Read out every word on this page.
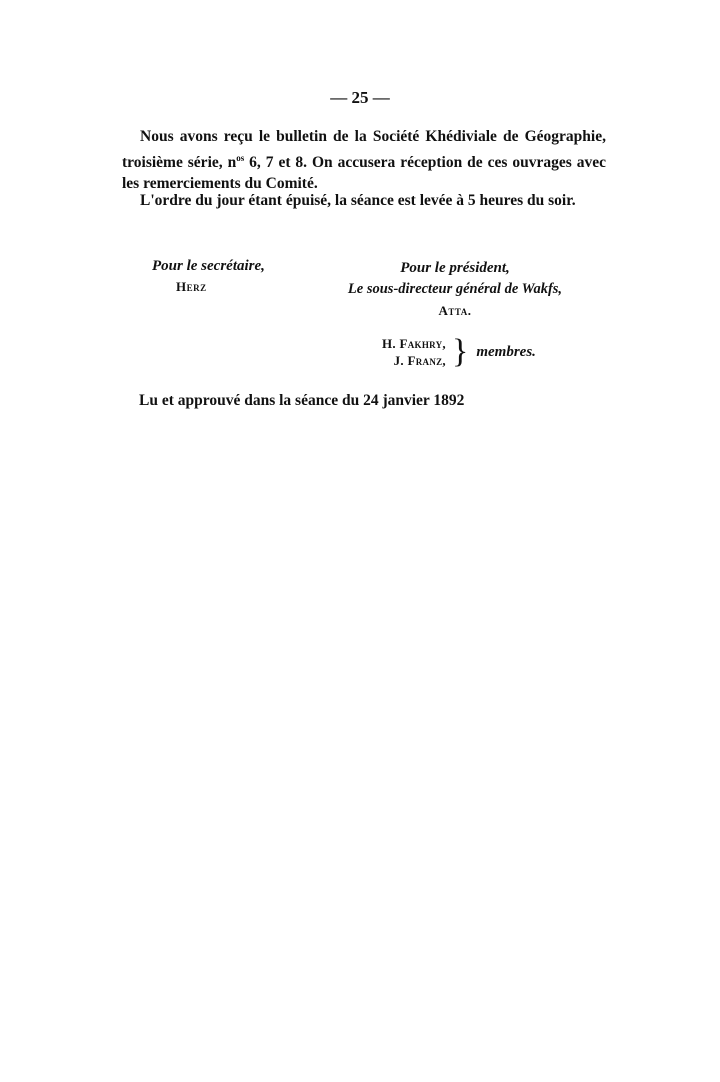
— 25 —
Nous avons reçu le bulletin de la Société Khédiviale de Géographie, troisième série, $n^{os}$ 6, 7 et 8. On accusera réception de ces ouvrages avec les remerciements du Comité.
L'ordre du jour étant épuisé, la séance est levée à 5 heures du soir.
Pour le secrétaire,
Herz
Pour le président,
Le sous-directeur général de Wakfs,
Atta.
H. Fakhry,
J. Franz, } membres.
Lu et approuvé dans la séance du 24 janvier 1892
